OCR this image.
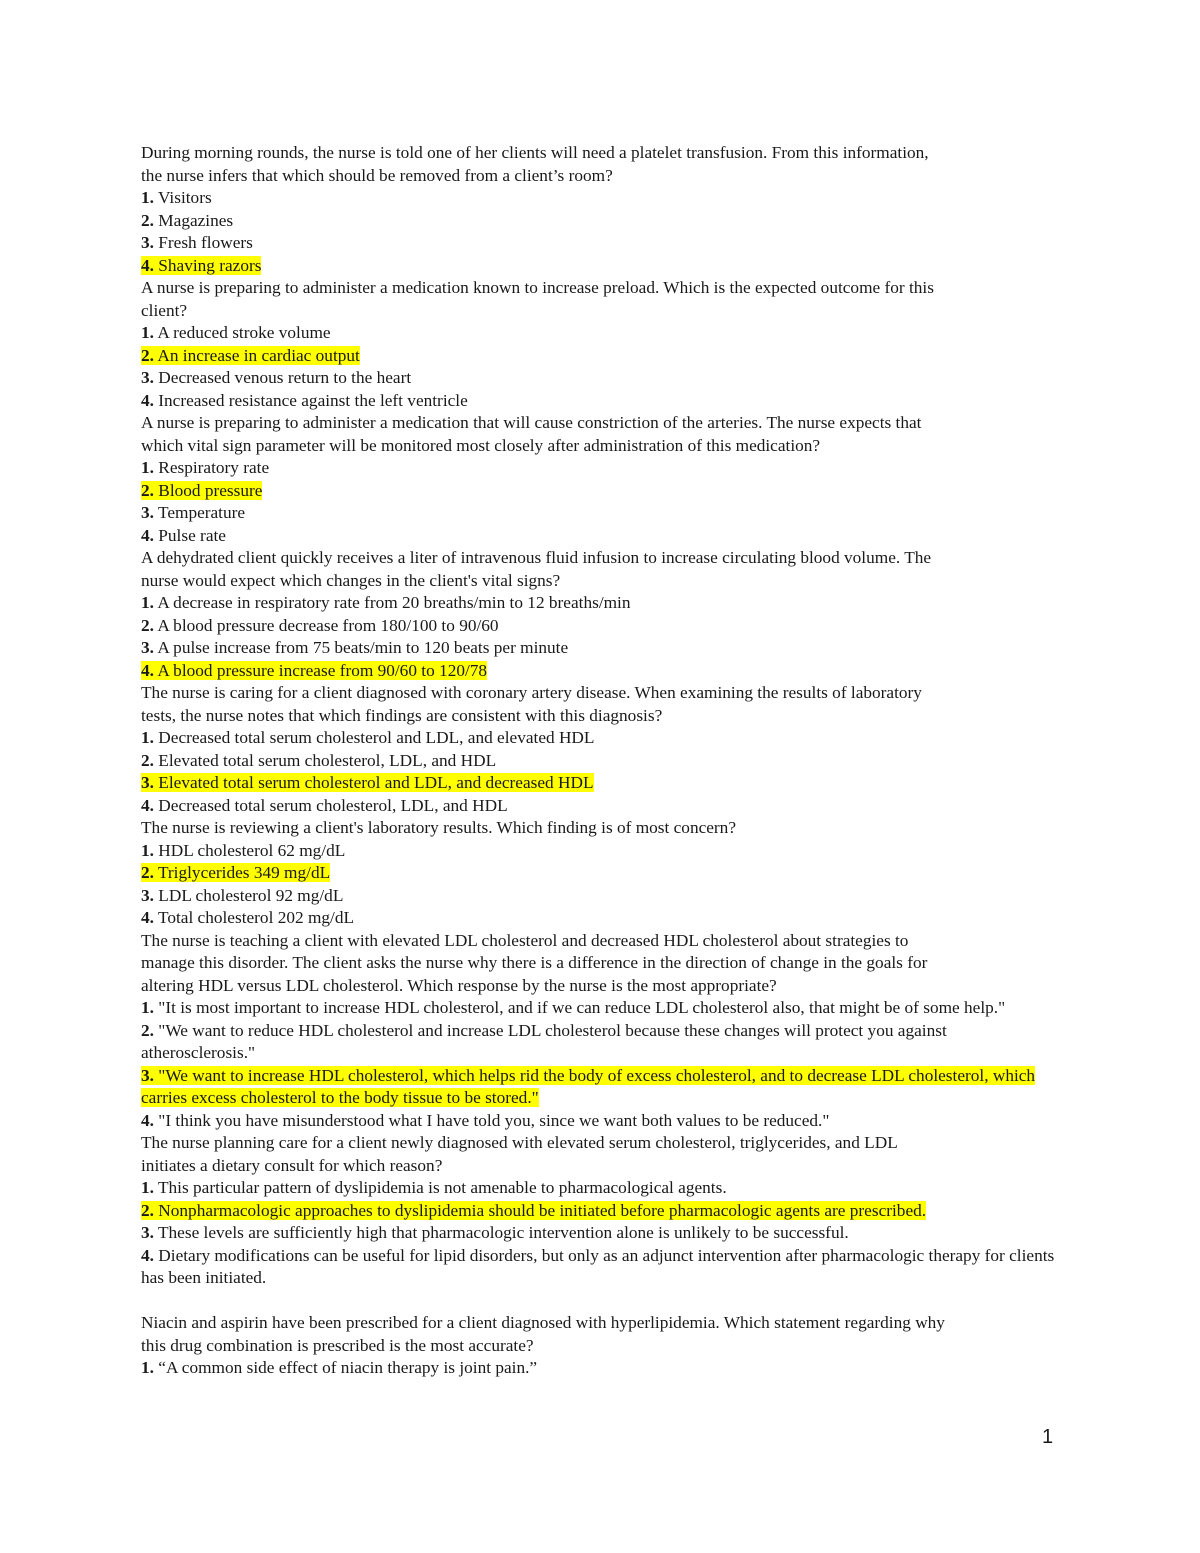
During morning rounds, the nurse is told one of her clients will need a platelet transfusion. From this information,
the nurse infers that which should be removed from a client’s room?
1. Visitors
2. Magazines
3. Fresh flowers
4. Shaving razors
A nurse is preparing to administer a medication known to increase preload. Which is the expected outcome for this
client?
1. A reduced stroke volume
2. An increase in cardiac output
3. Decreased venous return to the heart
4. Increased resistance against the left ventricle
A nurse is preparing to administer a medication that will cause constriction of the arteries. The nurse expects that
which vital sign parameter will be monitored most closely after administration of this medication?
1. Respiratory rate
2. Blood pressure
3. Temperature
4. Pulse rate
A dehydrated client quickly receives a liter of intravenous fluid infusion to increase circulating blood volume. The
nurse would expect which changes in the client's vital signs?
1. A decrease in respiratory rate from 20 breaths/min to 12 breaths/min
2. A blood pressure decrease from 180/100 to 90/60
3. A pulse increase from 75 beats/min to 120 beats per minute
4. A blood pressure increase from 90/60 to 120/78
The nurse is caring for a client diagnosed with coronary artery disease. When examining the results of laboratory
tests, the nurse notes that which findings are consistent with this diagnosis?
1. Decreased total serum cholesterol and LDL, and elevated HDL
2. Elevated total serum cholesterol, LDL, and HDL
3. Elevated total serum cholesterol and LDL, and decreased HDL
4. Decreased total serum cholesterol, LDL, and HDL
The nurse is reviewing a client's laboratory results. Which finding is of most concern?
1. HDL cholesterol 62 mg/dL
2. Triglycerides 349 mg/dL
3. LDL cholesterol 92 mg/dL
4. Total cholesterol 202 mg/dL
The nurse is teaching a client with elevated LDL cholesterol and decreased HDL cholesterol about strategies to
manage this disorder. The client asks the nurse why there is a difference in the direction of change in the goals for
altering HDL versus LDL cholesterol. Which response by the nurse is the most appropriate?
1. "It is most important to increase HDL cholesterol, and if we can reduce LDL cholesterol also, that might be of some help."
2. "We want to reduce HDL cholesterol and increase LDL cholesterol because these changes will protect you against atherosclerosis."
3. "We want to increase HDL cholesterol, which helps rid the body of excess cholesterol, and to decrease LDL cholesterol, which carries excess cholesterol to the body tissue to be stored."
4. "I think you have misunderstood what I have told you, since we want both values to be reduced."
The nurse planning care for a client newly diagnosed with elevated serum cholesterol, triglycerides, and LDL
initiates a dietary consult for which reason?
1. This particular pattern of dyslipidemia is not amenable to pharmacological agents.
2. Nonpharmacologic approaches to dyslipidemia should be initiated before pharmacologic agents are prescribed.
3. These levels are sufficiently high that pharmacologic intervention alone is unlikely to be successful.
4. Dietary modifications can be useful for lipid disorders, but only as an adjunct intervention after pharmacologic therapy for clients has been initiated.
Niacin and aspirin have been prescribed for a client diagnosed with hyperlipidemia. Which statement regarding why
this drug combination is prescribed is the most accurate?
1. “A common side effect of niacin therapy is joint pain.”
1
